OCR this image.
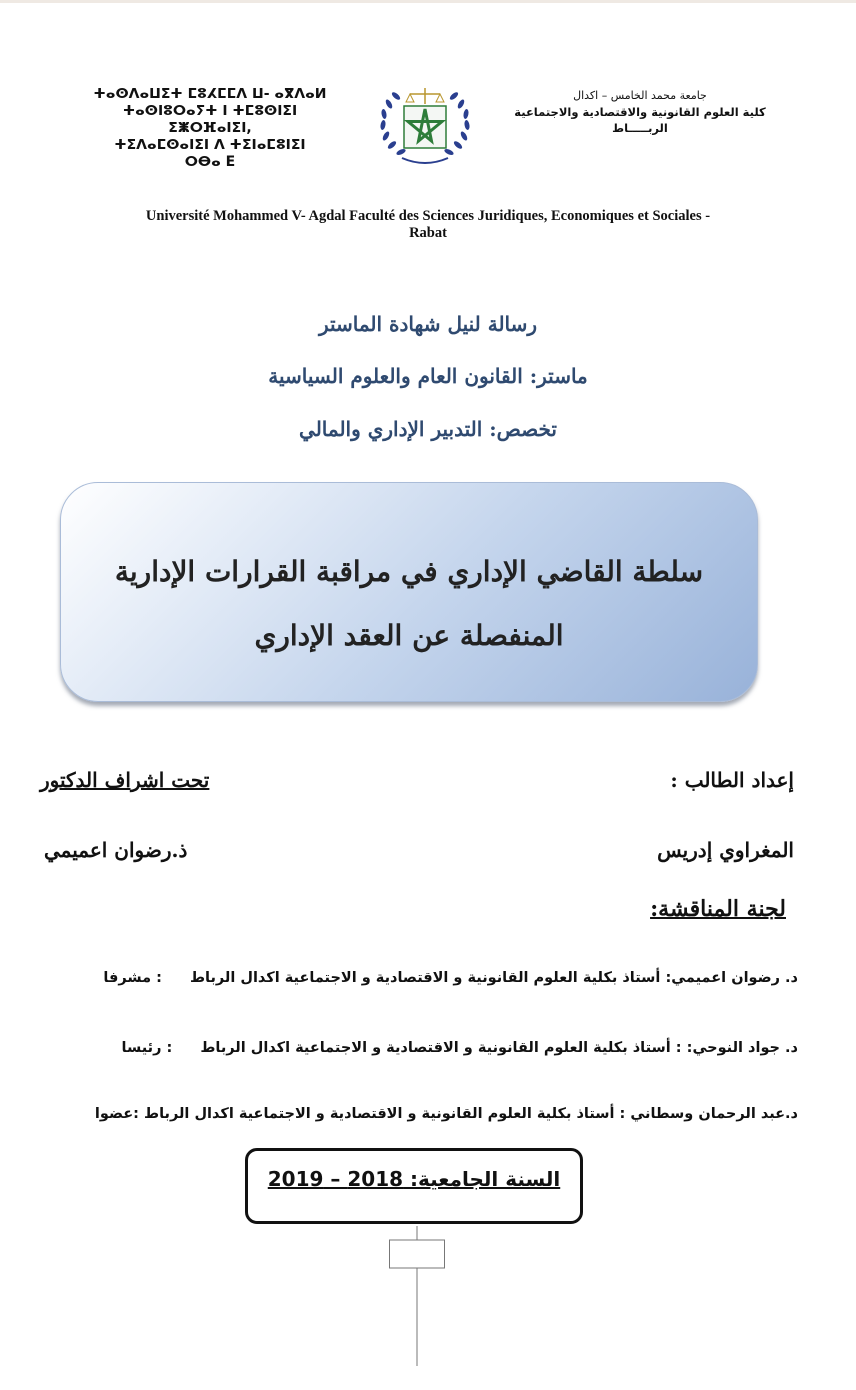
ⵜⴰⵙⴷⴰⵡⵉⵜ ⵎⵓⵃⵎⵎⴷ ⵡ- ⴰⴳⴷⴰⵍ
ⵜⴰⵙⵏⵓⵔⴰⵢⵜ ⵏ ⵜⵎⵓⵙⵏⵉⵏ
ⵉⵥⵔⴼⴰⵏⵉⵏ,
ⵜⵉⴷⴰⵎⵙⴰⵏⵉⵏ ⴷ ⵜⵉⵏⴰⵎⵓⵏⵉⵏ
ⵔⴱⴰ E
جامعة محمد الخامس – اكدال
كلية العلوم القانونية والاقتصادية والاجتماعية
الربـــــاط
Université Mohammed V- Agdal Faculté des Sciences Juridiques, Economiques et Sociales -
Rabat
رسالة لنيل شهادة الماستر
ماستر: القانون العام والعلوم السياسية
تخصص: التدبير الإداري والمالي
سلطة القاضي الإداري في مراقبة القرارات الإدارية
المنفصلة عن العقد الإداري
إعداد الطالب :
تحت اشراف الدكتور
المغراوي إدريس
ذ.رضوان اعميمي
لجنة المناقشة:
د. رضوان اعميمي: أستاذ بكلية العلوم القانونية و الاقتصادية و الاجتماعية اكدال الرباط: مشرفا
د. جواد النوحي: : أستاذ بكلية العلوم القانونية و الاقتصادية و الاجتماعية اكدال الرباط: رئيسا
د.عبد الرحمان وسطاني : أستاذ بكلية العلوم القانونية و الاقتصادية و الاجتماعية اكدال الرباط :عضوا
السنة الجامعية: 2018 – 2019
